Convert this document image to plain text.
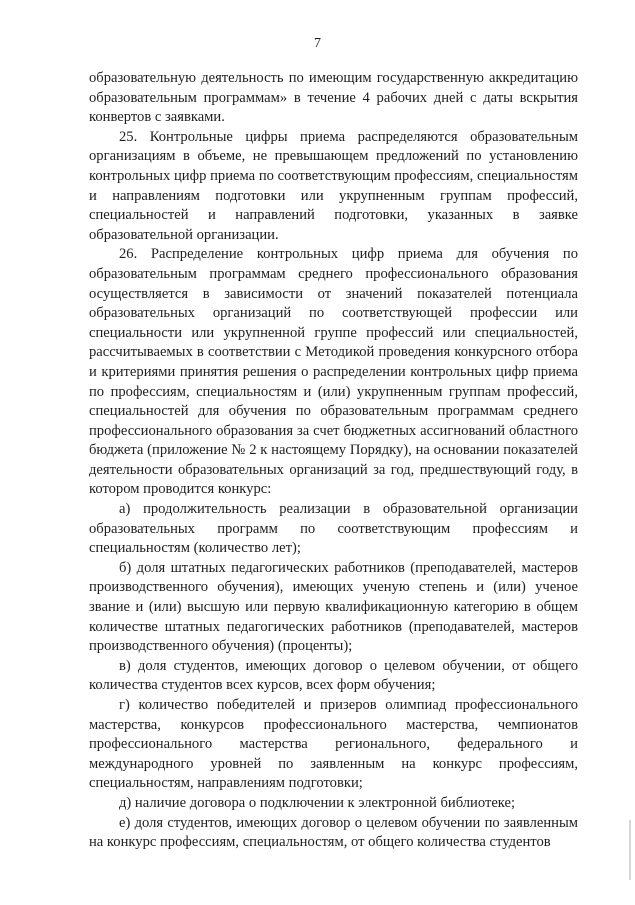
7

образовательную деятельность по имеющим государственную аккредитацию образовательным программам» в течение 4 рабочих дней с даты вскрытия конвертов с заявками.

25. Контрольные цифры приема распределяются образовательным организациям в объеме, не превышающем предложений по установлению контрольных цифр приема по соответствующим профессиям, специальностям и направлениям подготовки или укрупненным группам профессий, специальностей и направлений подготовки, указанных в заявке образовательной организации.

26. Распределение контрольных цифр приема для обучения по образовательным программам среднего профессионального образования осуществляется в зависимости от значений показателей потенциала образовательных организаций по соответствующей профессии или специальности или укрупненной группе профессий или специальностей, рассчитываемых в соответствии с Методикой проведения конкурсного отбора и критериями принятия решения о распределении контрольных цифр приема по профессиям, специальностям и (или) укрупненным группам профессий, специальностей для обучения по образовательным программам среднего профессионального образования за счет бюджетных ассигнований областного бюджета (приложение № 2 к настоящему Порядку), на основании показателей деятельности образовательных организаций за год, предшествующий году, в котором проводится конкурс:

а) продолжительность реализации в образовательной организации образовательных программ по соответствующим профессиям и специальностям (количество лет);

б) доля штатных педагогических работников (преподавателей, мастеров производственного обучения), имеющих ученую степень и (или) ученое звание и (или) высшую или первую квалификационную категорию в общем количестве штатных педагогических работников (преподавателей, мастеров производственного обучения) (проценты);

в) доля студентов, имеющих договор о целевом обучении, от общего количества студентов всех курсов, всех форм обучения;

г) количество победителей и призеров олимпиад профессионального мастерства, конкурсов профессионального мастерства, чемпионатов профессионального мастерства регионального, федерального и международного уровней по заявленным на конкурс профессиям, специальностям, направлениям подготовки;

д) наличие договора о подключении к электронной библиотеке;

е) доля студентов, имеющих договор о целевом обучении по заявленным на конкурс профессиям, специальностям, от общего количества студентов
